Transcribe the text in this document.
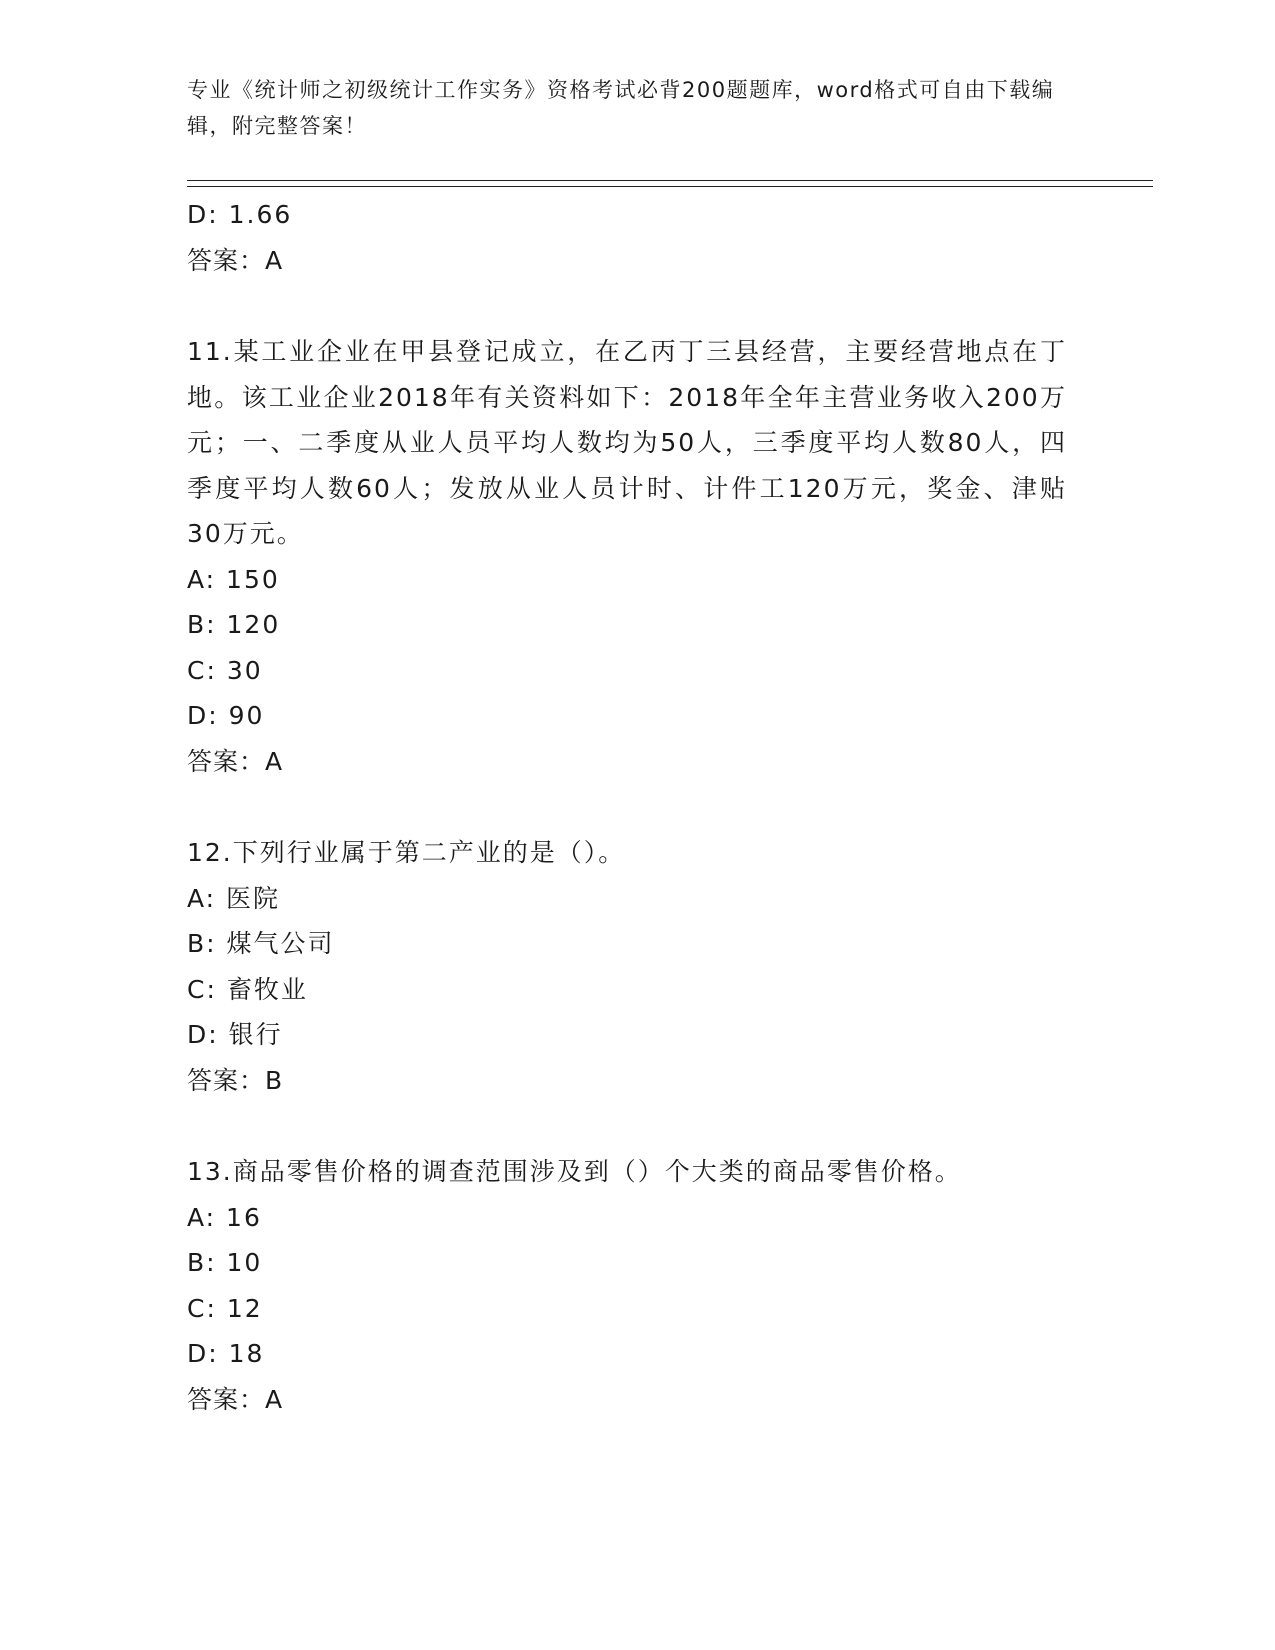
专业《统计师之初级统计工作实务》资格考试必背200题题库，word格式可自由下载编辑，附完整答案！
D: 1.66
答案：A
11.某工业企业在甲县登记成立，在乙丙丁三县经营，主要经营地点在丁地。该工业企业2018年有关资料如下：2018年全年主营业务收入200万元；一、二季度从业人员平均人数均为50人，三季度平均人数80人，四季度平均人数60人；发放从业人员计时、计件工120万元，奖金、津贴30万元。
A: 150
B: 120
C: 30
D: 90
答案：A
12.下列行业属于第二产业的是（）。
A: 医院
B: 煤气公司
C: 畜牧业
D: 银行
答案：B
13.商品零售价格的调查范围涉及到（）个大类的商品零售价格。
A: 16
B: 10
C: 12
D: 18
答案：A
